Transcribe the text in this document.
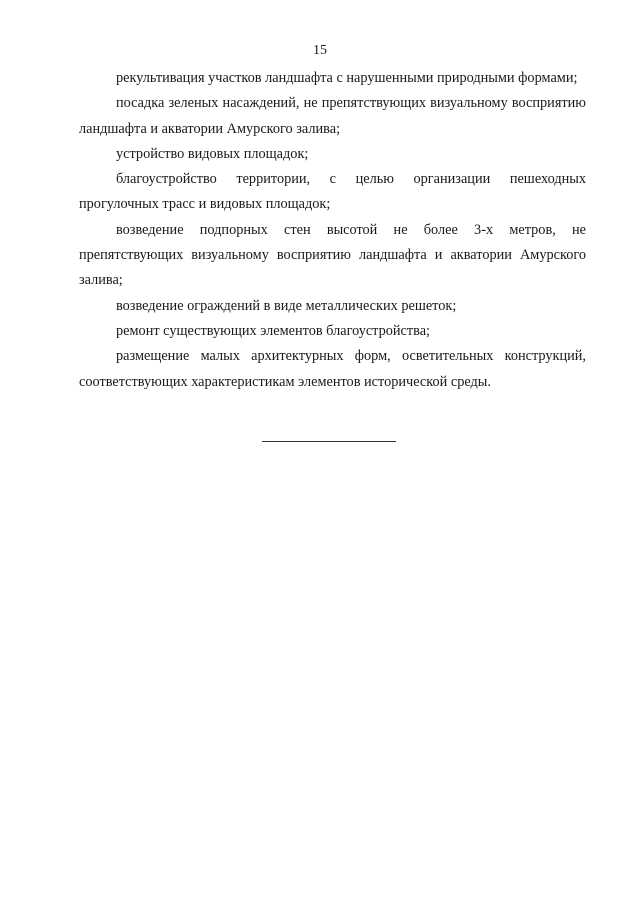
15

рекультивация участков ландшафта с нарушенными природными формами;

посадка зеленых насаждений, не препятствующих визуальному восприятию ландшафта и акватории Амурского залива;

устройство видовых площадок;

благоустройство территории, с целью организации пешеходных прогулочных трасс и видовых площадок;

возведение подпорных стен высотой не более 3-х метров, не препятствующих визуальному восприятию ландшафта и акватории Амурского залива;

возведение ограждений в виде металлических решеток;

ремонт существующих элементов благоустройства;

размещение малых архитектурных форм, осветительных конструкций, соответствующих характеристикам элементов исторической среды.
